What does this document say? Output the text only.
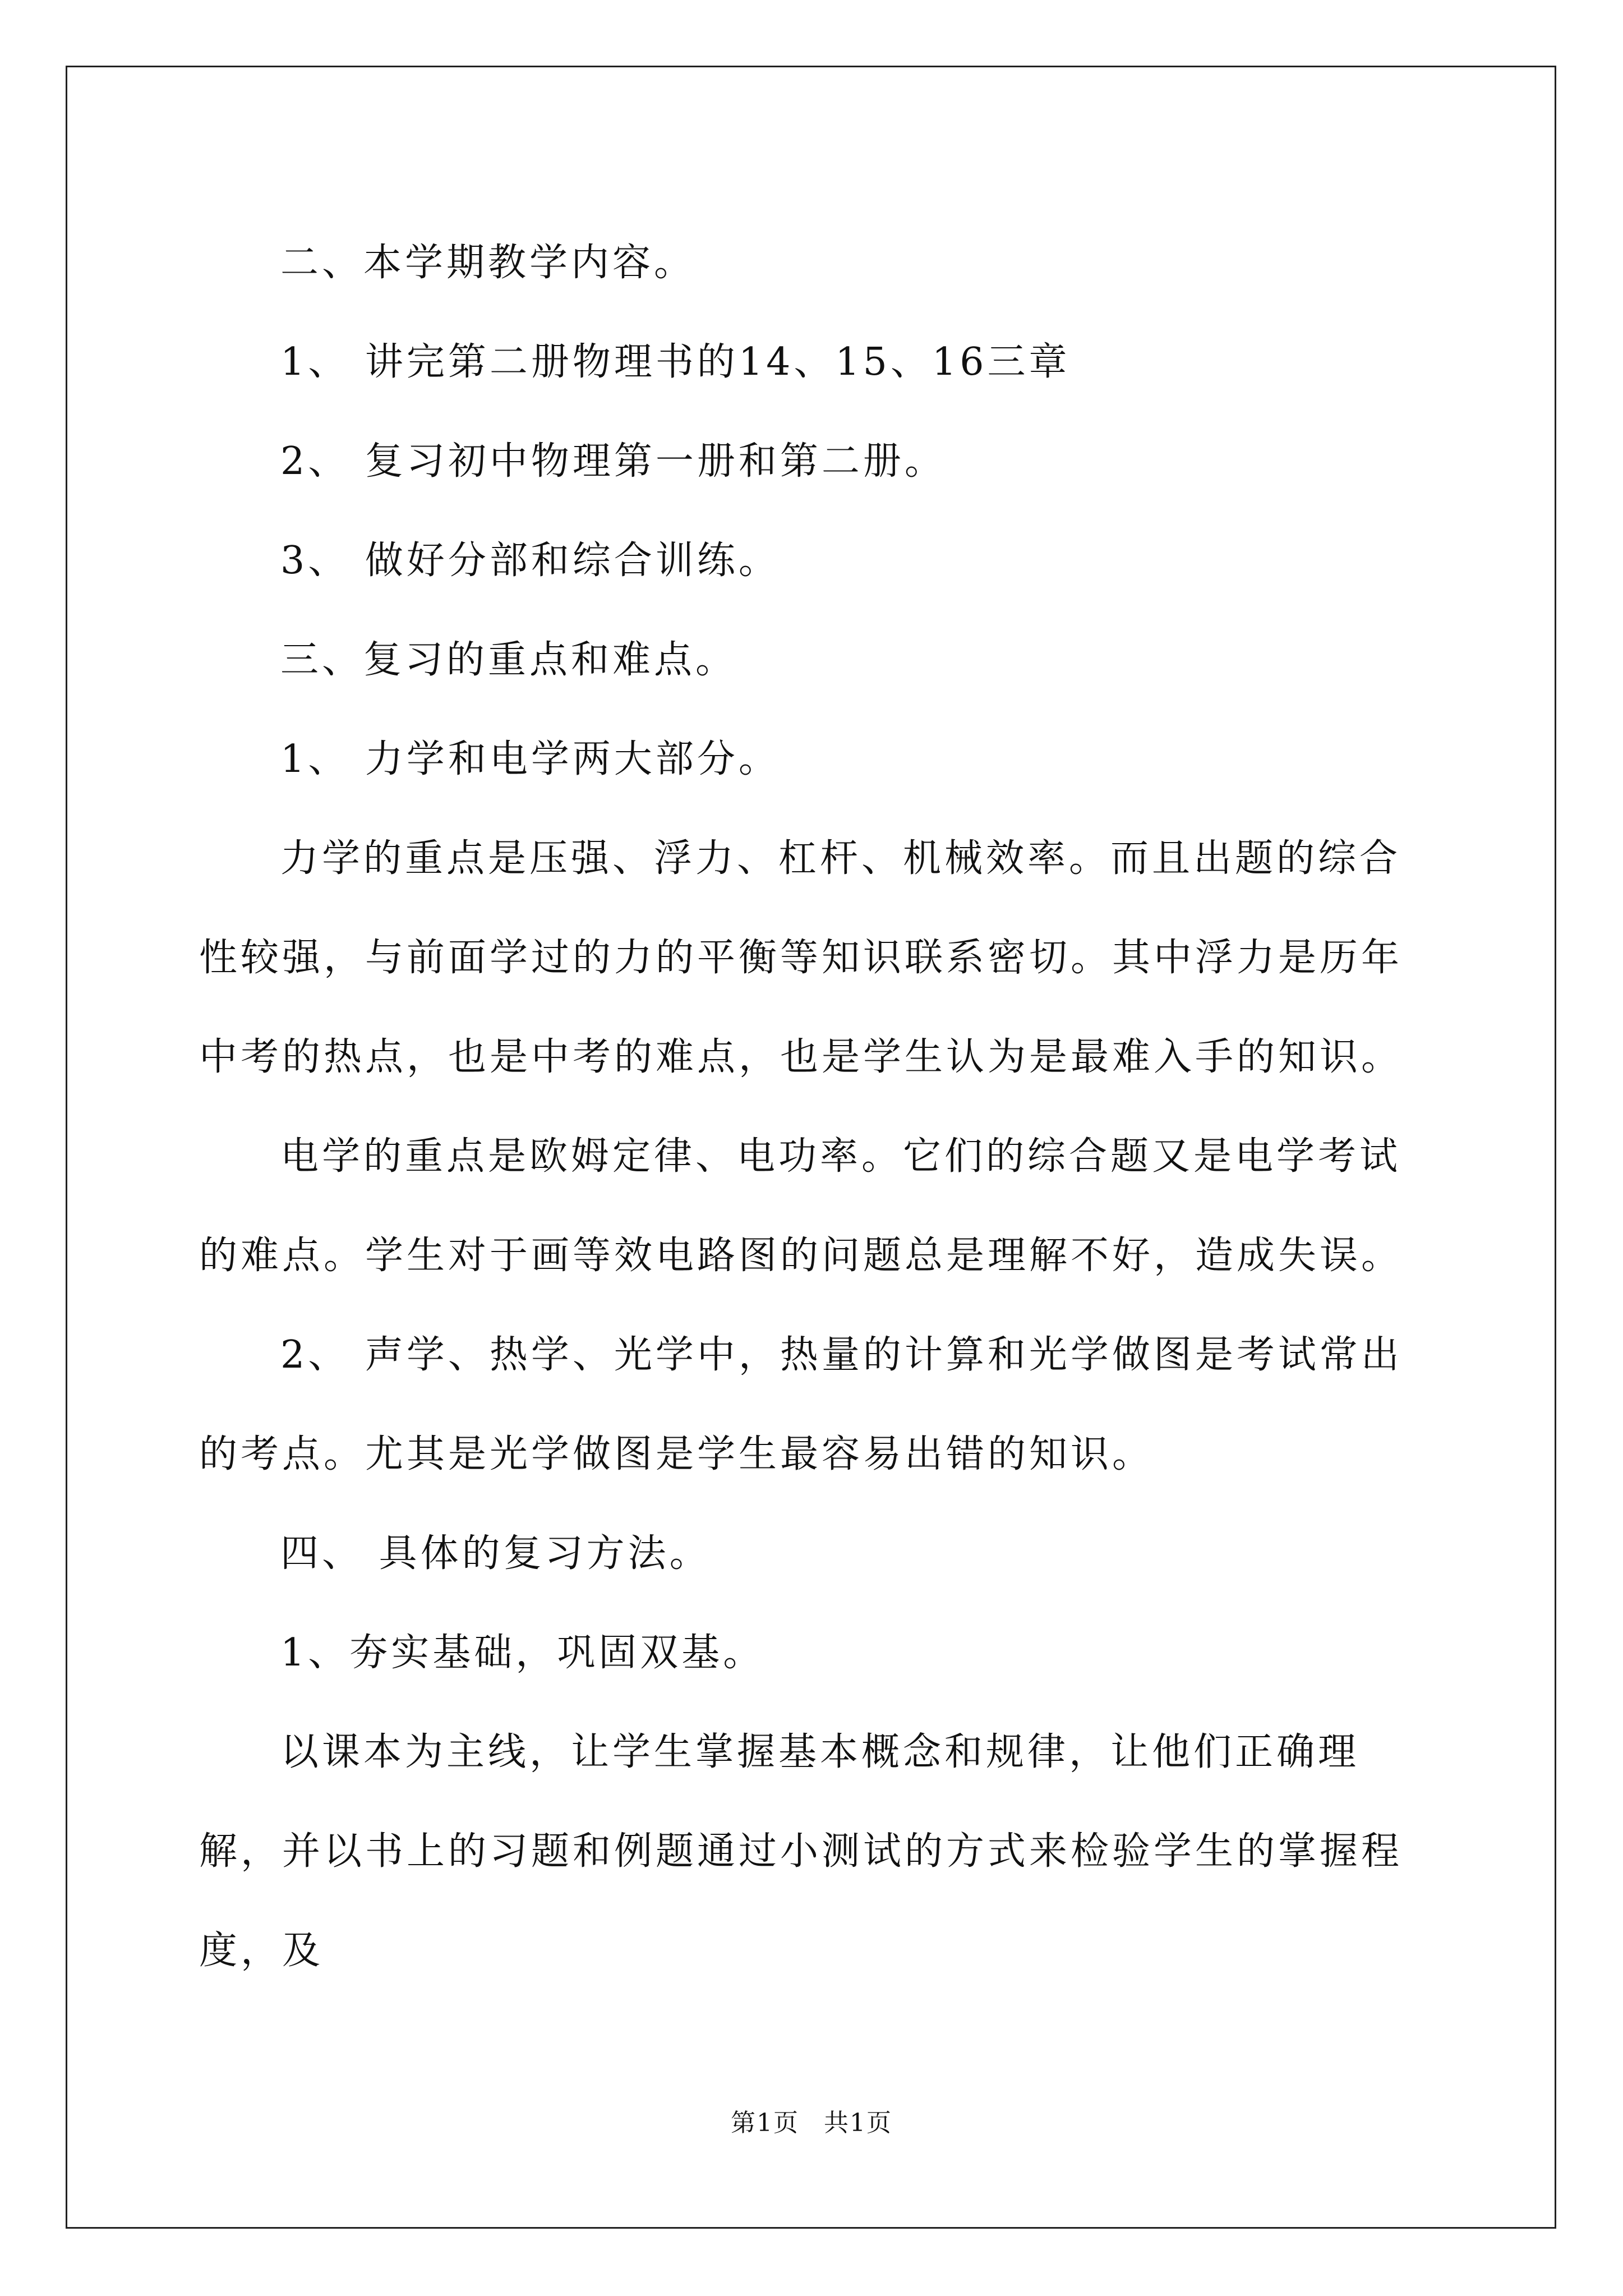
二、本学期教学内容。

1、 讲完第二册物理书的14、15、16三章

2、 复习初中物理第一册和第二册。

3、 做好分部和综合训练。

三、复习的重点和难点。

1、 力学和电学两大部分。

力学的重点是压强、浮力、杠杆、机械效率。而且出题的综合性较强，与前面学过的力的平衡等知识联系密切。其中浮力是历年中考的热点，也是中考的难点，也是学生认为是最难入手的知识。

电学的重点是欧姆定律、电功率。它们的综合题又是电学考试的难点。学生对于画等效电路图的问题总是理解不好，造成失误。

2、 声学、热学、光学中，热量的计算和光学做图是考试常出的考点。尤其是光学做图是学生最容易出错的知识。

四、 具体的复习方法。

1、夯实基础，巩固双基。

以课本为主线，让学生掌握基本概念和规律，让他们正确理解，并以书上的习题和例题通过小测试的方式来检验学生的掌握程度，及

第1页 共1页
